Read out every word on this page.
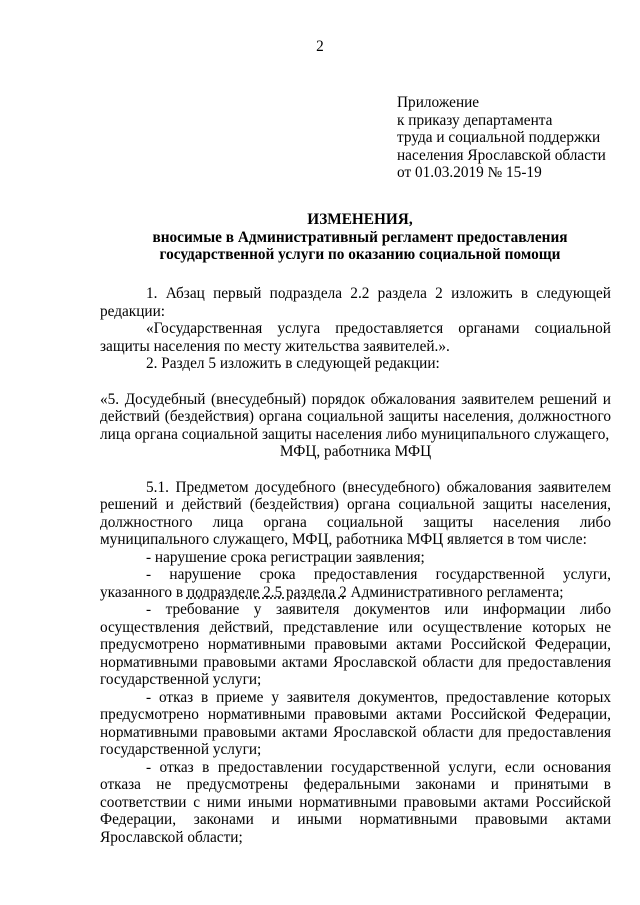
2
Приложение
к приказу департамента
труда и социальной поддержки
населения Ярославской области
от 01.03.2019 № 15-19
ИЗМЕНЕНИЯ,
вносимые в Административный регламент предоставления
государственной услуги по оказанию социальной помощи

1. Абзац первый подраздела 2.2 раздела 2 изложить в следующей редакции:

«Государственная услуга предоставляется органами социальной защиты населения по месту жительства заявителей.».

2. Раздел 5 изложить в следующей редакции:

«5. Досудебный (внесудебный) порядок обжалования заявителем решений и действий (бездействия) органа социальной защиты населения, должностного лица органа социальной защиты населения либо муниципального служащего,

МФЦ, работника МФЦ

5.1. Предметом досудебного (внесудебного) обжалования заявителем решений и действий (бездействия) органа социальной защиты населения, должностного лица органа социальной защиты населения либо муниципального служащего, МФЦ, работника МФЦ является в том числе:

- нарушение срока регистрации заявления;

- нарушение срока предоставления государственной услуги, указанного в подразделе 2.5 раздела 2 Административного регламента;

- требование у заявителя документов или информации либо осуществления действий, представление или осуществление которых не предусмотрено нормативными правовыми актами Российской Федерации, нормативными правовыми актами Ярославской области для предоставления государственной услуги;

- отказ в приеме у заявителя документов, предоставление которых предусмотрено нормативными правовыми актами Российской Федерации, нормативными правовыми актами Ярославской области для предоставления государственной услуги;

- отказ в предоставлении государственной услуги, если основания отказа не предусмотрены федеральными законами и принятыми в соответствии с ними иными нормативными правовыми актами Российской Федерации, законами и иными нормативными правовыми актами Ярославской области;
